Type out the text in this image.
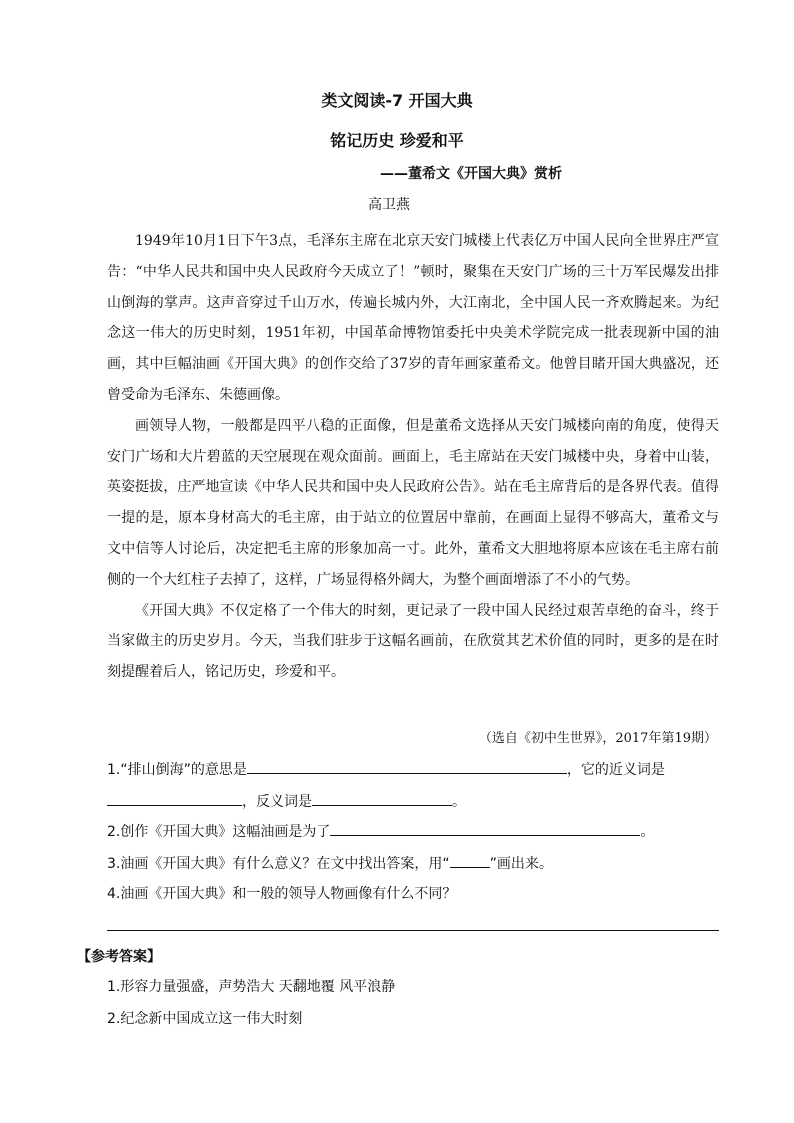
类文阅读-7 开国大典
铭记历史 珍爱和平
——董希文《开国大典》赏析
高卫燕

1949年10月1日下午3点，毛泽东主席在北京天安门城楼上代表亿万中国人民向全世界庄严宣告：“中华人民共和国中央人民政府今天成立了！”顿时，聚集在天安门广场的三十万军民爆发出排山倒海的掌声。这声音穿过千山万水，传遍长城内外，大江南北，全中国人民一齐欢腾起来。为纪念这一伟大的历史时刻，1951年初，中国革命博物馆委托中央美术学院完成一批表现新中国的油画，其中巨幅油画《开国大典》的创作交给了37岁的青年画家董希文。他曾目睹开国大典盛况，还曾受命为毛泽东、朱德画像。

画领导人物，一般都是四平八稳的正面像，但是董希文选择从天安门城楼向南的角度，使得天安门广场和大片碧蓝的天空展现在观众面前。画面上，毛主席站在天安门城楼中央，身着中山装，英姿挺拔，庄严地宣读《中华人民共和国中央人民政府公告》。站在毛主席背后的是各界代表。值得一提的是，原本身材高大的毛主席，由于站立的位置居中靠前，在画面上显得不够高大，董希文与文中信等人讨论后，决定把毛主席的形象加高一寸。此外，董希文大胆地将原本应该在毛主席右前侧的一个大红柱子去掉了，这样，广场显得格外阔大，为整个画面增添了不小的气势。

《开国大典》不仅定格了一个伟大的时刻，更记录了一段中国人民经过艰苦卓绝的奋斗，终于当家做主的历史岁月。今天，当我们驻步于这幅名画前，在欣赏其艺术价值的同时，更多的是在时刻提醒着后人，铭记历史，珍爱和平。

（选自《初中生世界》，2017年第19期）
1.“排山倒海”的意思是	，它的近义词是
，反义词是	。
2.创作《开国大典》这幅油画是为了	。
3.油画《开国大典》有什么意义？在文中找出答案，用“	”画出来。
4.油画《开国大典》和一般的领导人物画像有什么不同？
【参考答案】
1.形容力量强盛，声势浩大 天翻地覆 风平浪静
2.纪念新中国成立这一伟大时刻
